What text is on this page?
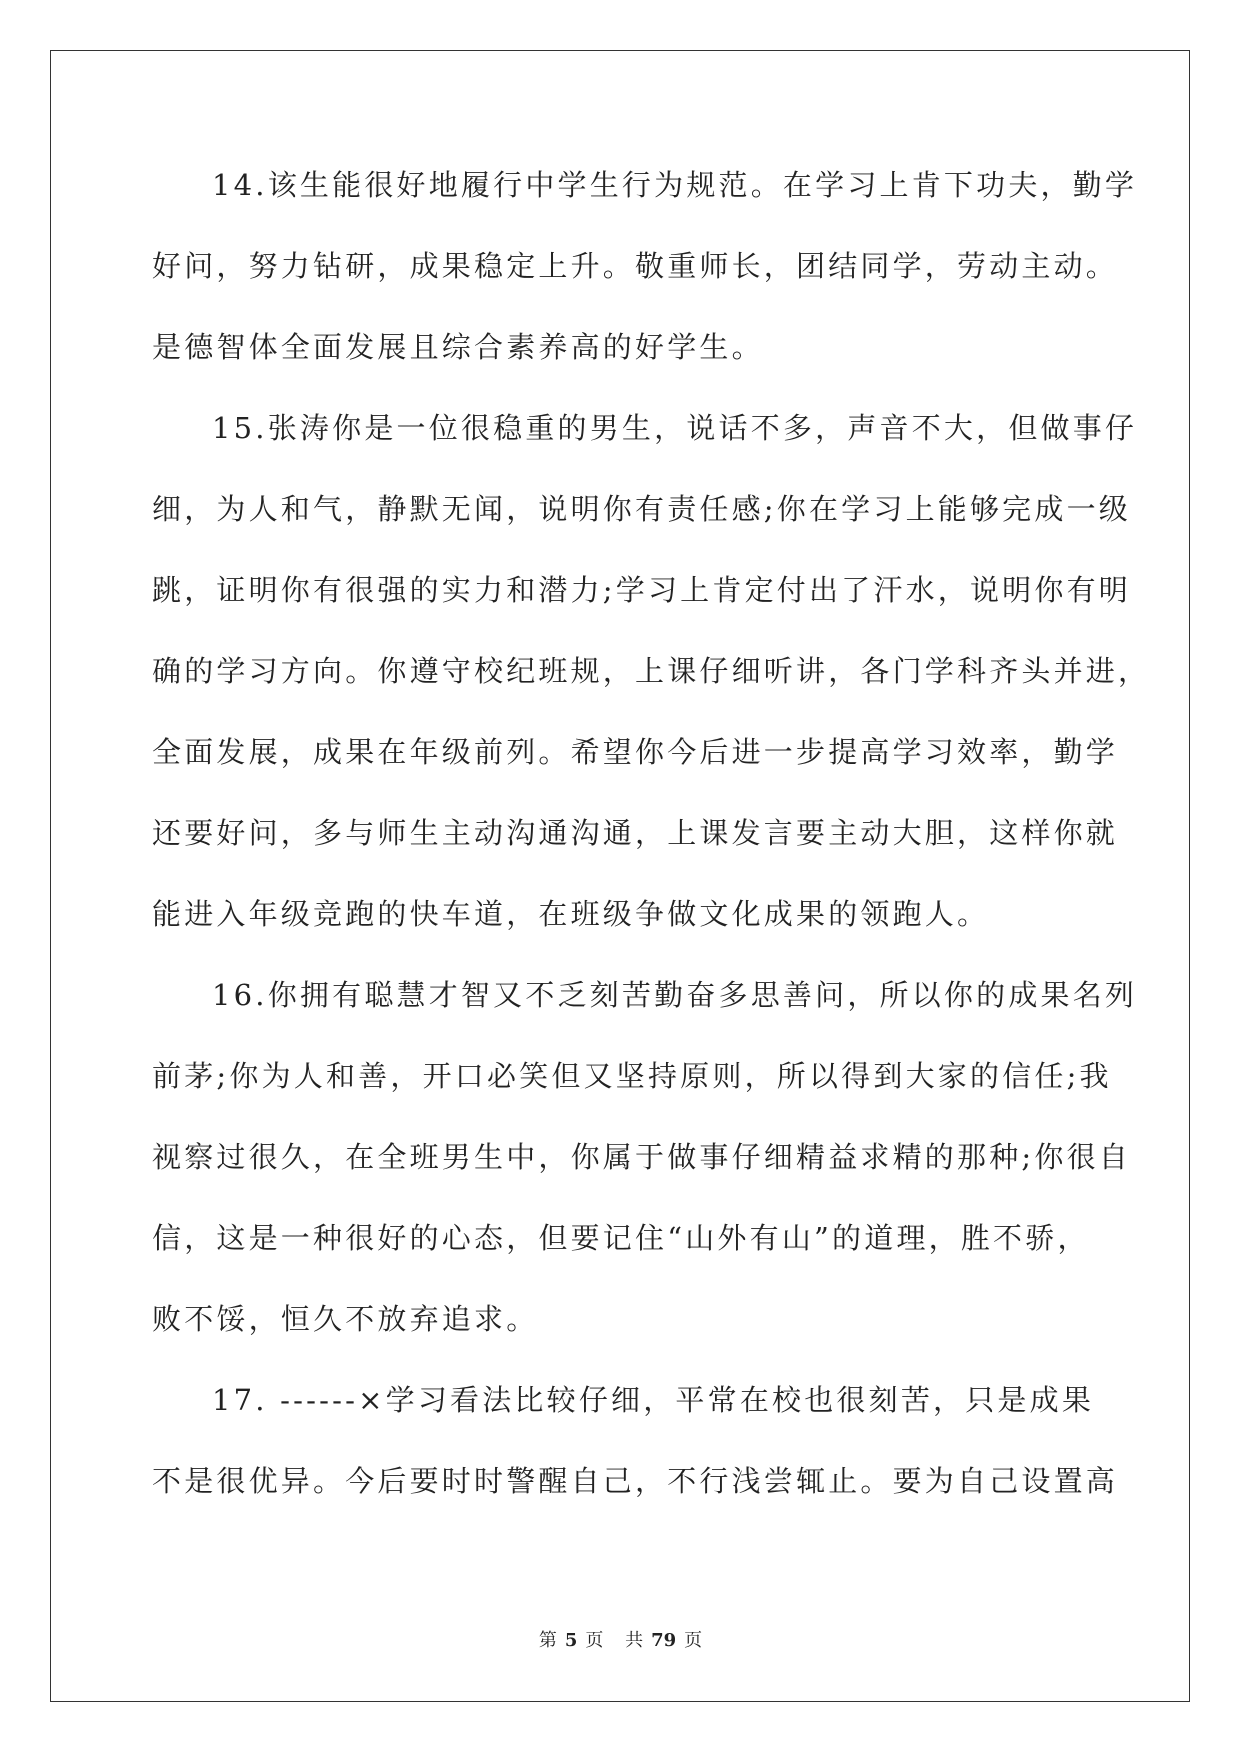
14.该生能很好地履行中学生行为规范。在学习上肯下功夫，勤学
好问，努力钻研，成果稳定上升。敬重师长，团结同学，劳动主动。
是德智体全面发展且综合素养高的好学生。
15.张涛你是一位很稳重的男生，说话不多，声音不大，但做事仔
细，为人和气，静默无闻，说明你有责任感;你在学习上能够完成一级
跳，证明你有很强的实力和潜力;学习上肯定付出了汗水，说明你有明
确的学习方向。你遵守校纪班规，上课仔细听讲，各门学科齐头并进，
全面发展，成果在年级前列。希望你今后进一步提高学习效率，勤学
还要好问，多与师生主动沟通沟通，上课发言要主动大胆，这样你就
能进入年级竞跑的快车道，在班级争做文化成果的领跑人。
16.你拥有聪慧才智又不乏刻苦勤奋多思善问，所以你的成果名列
前茅;你为人和善，开口必笑但又坚持原则，所以得到大家的信任;我
视察过很久，在全班男生中，你属于做事仔细精益求精的那种;你很自
信，这是一种很好的心态，但要记住“山外有山”的道理，胜不骄，
败不馁，恒久不放弃追求。
17. ------×学习看法比较仔细，平常在校也很刻苦，只是成果
不是很优异。今后要时时警醒自己，不行浅尝辄止。要为自己设置高
第 5 页 共 79 页
